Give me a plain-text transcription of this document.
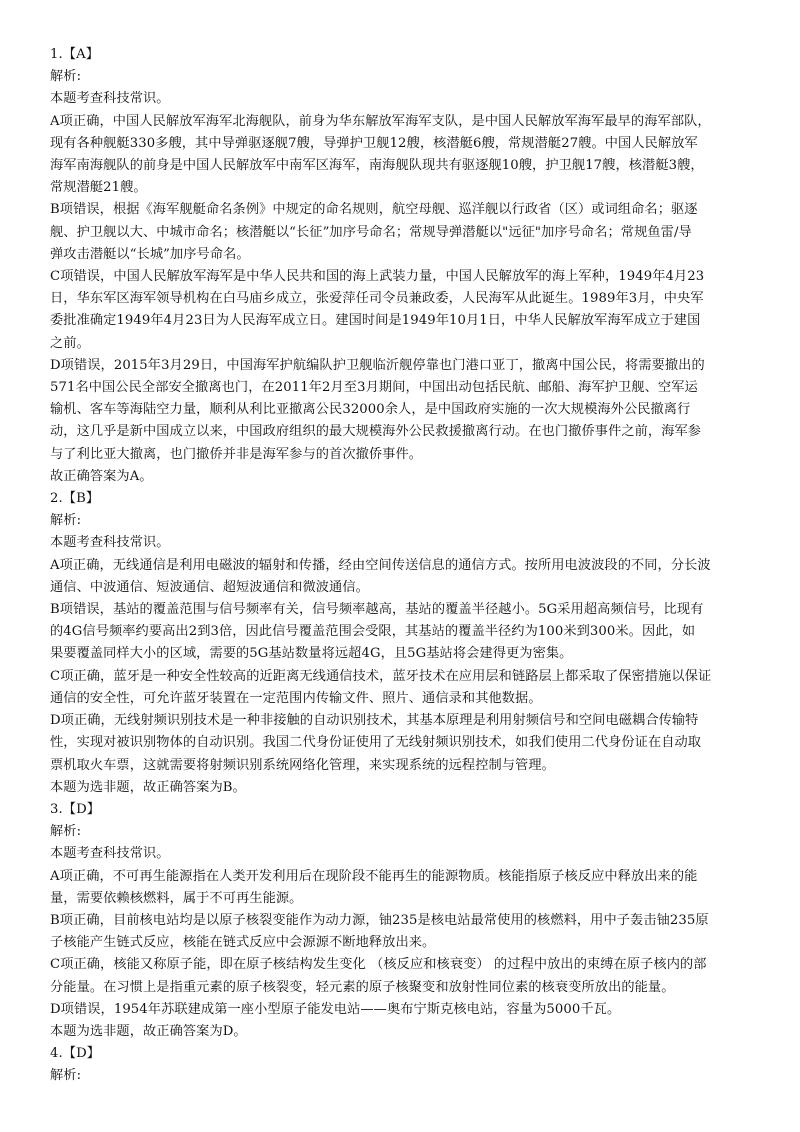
1.【A】
解析:
本题考查科技常识。
A项正确，中国人民解放军海军北海舰队，前身为华东解放军海军支队，是中国人民解放军海军最早的海军部队，
现有各种舰艇330多艘，其中导弹驱逐舰7艘，导弹护卫舰12艘，核潜艇6艘，常规潜艇27艘。中国人民解放军
海军南海舰队的前身是中国人民解放军中南军区海军，南海舰队现共有驱逐舰10艘，护卫舰17艘，核潜艇3艘，
常规潜艇21艘。
B项错误，根据《海军舰艇命名条例》中规定的命名规则，航空母舰、巡洋舰以行政省（区）或词组命名；驱逐
舰、护卫舰以大、中城市命名；核潜艇以“长征”加序号命名；常规导弹潜艇以"远征"加序号命名；常规鱼雷/导
弹攻击潜艇以“长城”加序号命名。
C项错误，中国人民解放军海军是中华人民共和国的海上武装力量，中国人民解放军的海上军种，1949年4月23
日，华东军区海军领导机构在白马庙乡成立，张爱萍任司令员兼政委，人民海军从此诞生。1989年3月，中央军
委批准确定1949年4月23日为人民海军成立日。建国时间是1949年10月1日，中华人民解放军海军成立于建国
之前。
D项错误，2015年3月29日，中国海军护航编队护卫舰临沂舰停靠也门港口亚丁，撤离中国公民，将需要撤出的
571名中国公民全部安全撤离也门，在2011年2月至3月期间，中国出动包括民航、邮船、海军护卫舰、空军运
输机、客车等海陆空力量，顺利从利比亚撤离公民32000余人，是中国政府实施的一次大规模海外公民撤离行
动，这几乎是新中国成立以来，中国政府组织的最大规模海外公民救援撤离行动。在也门撤侨事件之前，海军参
与了利比亚大撤离，也门撤侨并非是海军参与的首次撤侨事件。
故正确答案为A。
2.【B】
解析:
本题考查科技常识。
A项正确，无线通信是利用电磁波的辐射和传播，经由空间传送信息的通信方式。按所用电波波段的不同，分长波
通信、中波通信、短波通信、超短波通信和微波通信。
B项错误，基站的覆盖范围与信号频率有关，信号频率越高，基站的覆盖半径越小。5G采用超高频信号，比现有
的4G信号频率约要高出2到3倍，因此信号覆盖范围会受限，其基站的覆盖半径约为100米到300米。因此，如
果要覆盖同样大小的区域，需要的5G基站数量将远超4G，且5G基站将会建得更为密集。
C项正确，蓝牙是一种安全性较高的近距离无线通信技术，蓝牙技术在应用层和链路层上都采取了保密措施以保证
通信的安全性，可允许蓝牙装置在一定范围内传输文件、照片、通信录和其他数据。
D项正确，无线射频识别技术是一种非接触的自动识别技术，其基本原理是利用射频信号和空间电磁耦合传输特
性，实现对被识别物体的自动识别。我国二代身份证使用了无线射频识别技术，如我们使用二代身份证在自动取
票机取火车票，这就需要将射频识别系统网络化管理，来实现系统的远程控制与管理。
本题为选非题，故正确答案为B。
3.【D】
解析:
本题考查科技常识。
A项正确，不可再生能源指在人类开发利用后在现阶段不能再生的能源物质。核能指原子核反应中释放出来的能
量，需要依赖核燃料，属于不可再生能源。
B项正确，目前核电站均是以原子核裂变能作为动力源，铀235是核电站最常使用的核燃料，用中子轰击铀235原
子核能产生链式反应，核能在链式反应中会源源不断地释放出来。
C项正确，核能又称原子能，即在原子核结构发生变化 （核反应和核衰变） 的过程中放出的束缚在原子核内的部
分能量。在习惯上是指重元素的原子核裂变，轻元素的原子核聚变和放射性同位素的核衰变所放出的能量。
D项错误，1954年苏联建成第一座小型原子能发电站——奥布宁斯克核电站，容量为5000千瓦。
本题为选非题，故正确答案为D。
4.【D】
解析:
